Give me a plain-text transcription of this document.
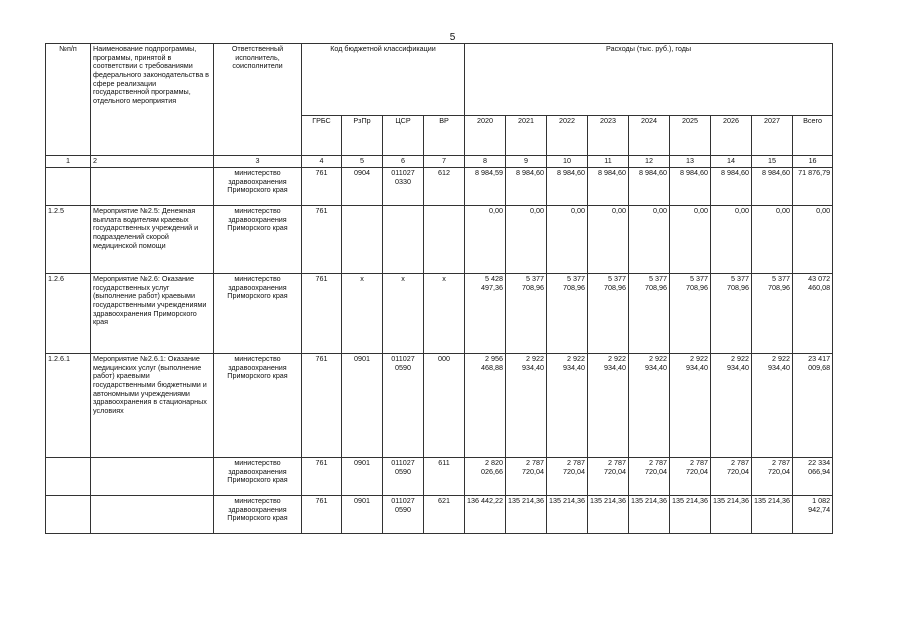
5
№п/п	Наименование подпрограммы, программы, принятой в соответствии с требованиями федерального законодательства в сфере реализации государственной программы, отдельного мероприятия	Ответственный исполнитель, соисполнители	Код бюджетной классификации				Расходы (тыс. руб.), годы								
			ГРБС	РзПр	ЦСР	ВР	2020	2021	2022	2023	2024	2025	2026	2027	Всего
1	2	3	4	5	6	7	8	9	10	11	12	13	14	15	16
		министерство здравоохранения Приморского края	761	0904	011027 0330	612	8 984,59	8 984,60	8 984,60	8 984,60	8 984,60	8 984,60	8 984,60	8 984,60	71 876,79
1.2.5	Мероприятие №2.5: Денежная выплата водителям краевых государственных учреждений и подразделений скорой медицинской помощи	министерство здравоохранения Приморского края	761				0,00	0,00	0,00	0,00	0,00	0,00	0,00	0,00	0,00
1.2.6	Мероприятие №2.6: Оказание государственных услуг (выполнение работ) краевыми государственными учреждениями здравоохранения Приморского края	министерство здравоохранения Приморского края	761	х	х	х	5 428 497,36	5 377 708,96	5 377 708,96	5 377 708,96	5 377 708,96	5 377 708,96	5 377 708,96	5 377 708,96	43 072 460,08
1.2.6.1	Мероприятие №2.6.1: Оказание медицинских услуг (выполнение работ) краевыми государственными бюджетными и автономными учреждениями здравоохранения в стационарных условиях	министерство здравоохранения Приморского края	761	0901	011027 0590	000	2 956 468,88	2 922 934,40	2 922 934,40	2 922 934,40	2 922 934,40	2 922 934,40	2 922 934,40	2 922 934,40	23 417 009,68
		министерство здравоохранения Приморского края	761	0901	011027 0590	611	2 820 026,66	2 787 720,04	2 787 720,04	2 787 720,04	2 787 720,04	2 787 720,04	2 787 720,04	2 787 720,04	22 334 066,94
		министерство здравоохранения Приморского края	761	0901	011027 0590	621	136 442,22	135 214,36	135 214,36	135 214,36	135 214,36	135 214,36	135 214,36	135 214,36	1 082 942,74
